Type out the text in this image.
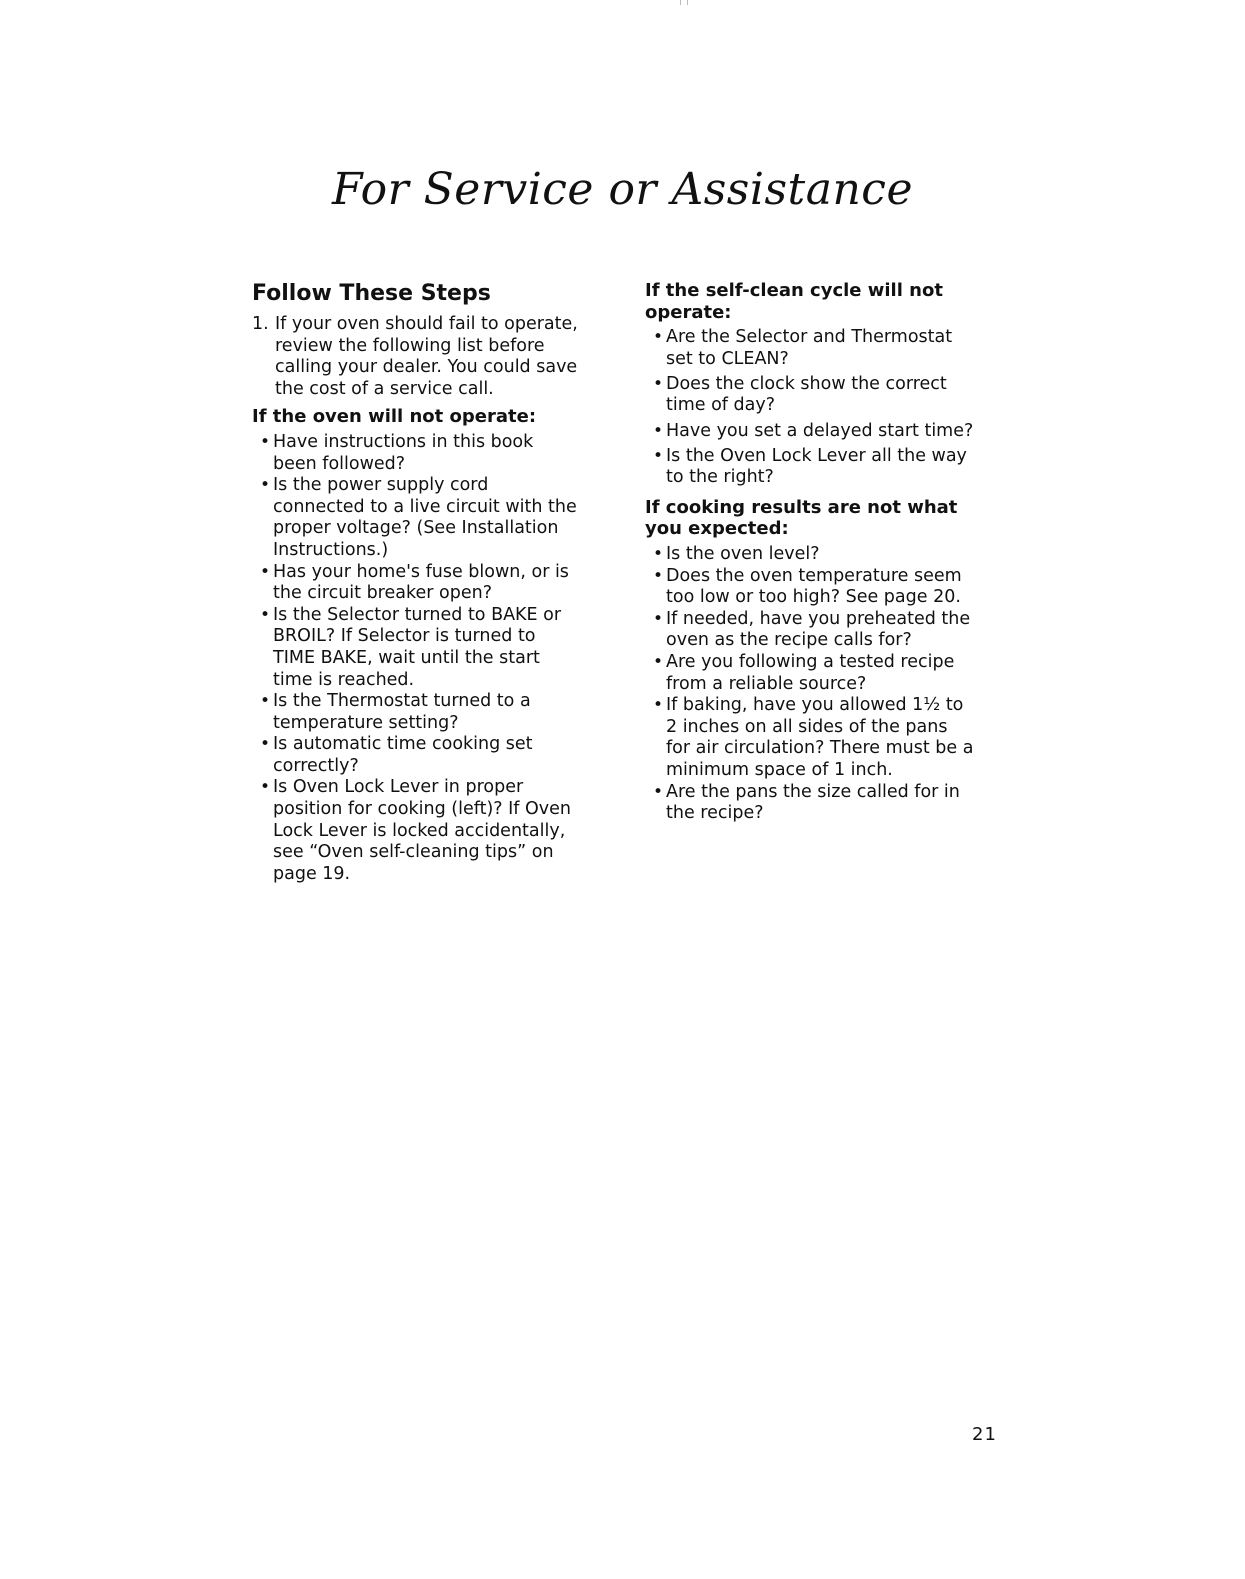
For Service or Assistance
Follow These Steps
1. If your oven should fail to operate, review the following list before calling your dealer. You could save the cost of a service call.
If the oven will not operate:
• Have instructions in this book been followed?
• Is the power supply cord connected to a live circuit with the proper voltage? (See Installation Instructions.)
• Has your home's fuse blown, or is the circuit breaker open?
• Is the Selector turned to BAKE or BROIL? If Selector is turned to TIME BAKE, wait until the start time is reached.
• Is the Thermostat turned to a temperature setting?
• Is automatic time cooking set correctly?
• Is Oven Lock Lever in proper position for cooking (left)? If Oven Lock Lever is locked accidentally, see “Oven self-cleaning tips” on page 19.
If the self-clean cycle will not operate:
• Are the Selector and Thermostat set to CLEAN?
• Does the clock show the correct time of day?
• Have you set a delayed start time?
• Is the Oven Lock Lever all the way to the right?
If cooking results are not what you expected:
• Is the oven level?
• Does the oven temperature seem too low or too high? See page 20.
• If needed, have you preheated the oven as the recipe calls for?
• Are you following a tested recipe from a reliable source?
• If baking, have you allowed 1½ to 2 inches on all sides of the pans for air circulation? There must be a minimum space of 1 inch.
• Are the pans the size called for in the recipe?
21
